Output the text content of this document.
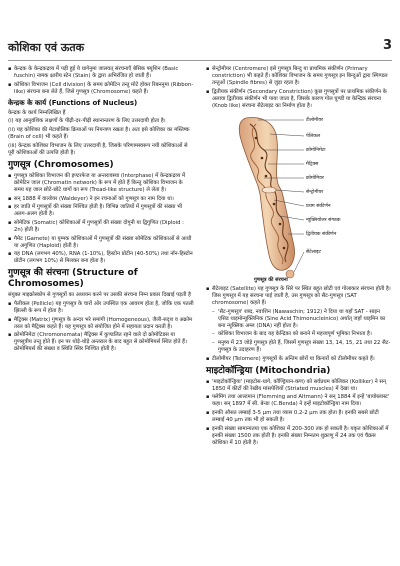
कोशिका एवं ऊतक	3
▪ केन्द्रक के केन्द्रकद्रव्य में पड़ी हुई ये धागेनुमा जालवत् संरचनाएँ बेसिक फ्यूशिन (Basic fuschin) नामक क्षारीय स्टेन (Stain) के द्वारा अभिरंजित हो जाती हैं।
▪ कोशिका विभाजन (Cell division) के समय क्रोमेटिन तन्तु मोटे होकर रिबननुमा (Ribbon-like) संरचना बना लेते हैं, जिसे गुणसूत्र (Chromosome) कहते हैं।
केन्द्रक के कार्य (Functions of Nucleus)
केन्द्रक के कार्य निम्नलिखित हैं
(i) यह आनुवंशिक लक्षणों के पीढ़ी-दर-पीढ़ी स्थानान्तरण के लिए उत्तरदायी होता है।
(ii) यह कोशिका की मेटाबोलिक क्रियाओं पर नियन्त्रण रखता है। अतः इसे कोशिका का मस्तिष्क (Brain of cell) भी कहते हैं।
(iii) केन्द्रक कोशिका विभाजन के लिए उत्तरदायी है, जिसके परिणामस्वरूप नयी कोशिकाओं से पूरी कोशिकाओं की उत्पत्ति होती है।
गुणसूत्र (Chromosomes)
▪ गुणसूत्र कोशिका विभाजन की इण्टरफेज या अन्तरावस्था (Interphase) में केन्द्रकद्रव्य में क्रोमेटिन जाल (Chromatin network) के रूप में होते हैं किन्तु कोशिका विभाजन के समय यह जाल छोटे-छोटे धागों का रूप (Tread-like structure) ले लेता है।
▪ सन् 1888 में वाल्डेयर (Waldeyer) ने इन रचनाओं को गुणसूत्र का नाम दिया था।
▪ हर जाति में गुणसूत्रों की संख्या निश्चित होती है। विभिन्न जातियों में गुणसूत्रों की संख्या भी अलग-अलग होती है।
▪ सोमेटिक (Somatic) कोशिकाओं में गुणसूत्रों की संख्या दोगुनी या द्विगुणित (Diploid : 2n) होती है।
▪ गैमेट (Gamete) या युग्मक कोशिकाओं में गुणसूत्रों की संख्या सोमेटिक कोशिकाओं से आधी या अगुणित (Haploid) होती है।
▪ यह DNA (लगभग 40%), RNA (1-10%), हिस्टोन प्रोटीन (40-50%) तथा नॉन-हिस्टोन प्रोटीन (लगभग 10%) से मिलकर बना होता है।
गुणसूत्र की संरचना (Structure of Chromosomes)
संयुक्त माइक्रोस्कोप से गुणसूत्रों का अध्ययन करने पर उसकी संरचना निम्न प्रकार दिखाई पड़ती है
▪ पैलीकल (Pellicle) यह गुणसूत्र के चारों ओर उपस्थित एक आवरण होता है, जोकि एक पतली झिल्ली के रूप में होता है।
▪ मैट्रिक्स (Matrix) गुणसूत्र के अन्दर भरे समांगी (Homogeneous), जैली-सदृश व अक्रोम तरल को मैट्रिक्स कहते हैं। यह गुणसूत्र को संयोजित होने में सहायता प्रदान करती है।
▪ क्रोमोनिमेटा (Chromonemata) मैट्रिक्स में कुण्डलित रहने वाले दो क्रोमोटिडस या गुणसूत्रीय तन्तु होते हैं। इन पर थोड़े-थोड़े अन्तराल के बाद बहुत से क्रोमोमियर्स स्थित होते हैं। क्रोमोमियर्स की संख्या व स्थिति स्थिर निश्चित होती है।
▪ सेन्ट्रोमीयर (Centromere) इसे गुणसूत्र बिन्दु या प्राथमिक संकीर्णन (Primary constriction) भी कहते हैं। कोशिका विभाजन के समय गुणसूत्र इन बिन्दुओं द्वारा स्पिण्डल तन्तुओं (Spindle fibres) से जुड़ा रहता है।
▪ द्वितीयक संकीर्णन (Secondary Constriction) कुछ गुणसूत्रों पर प्राथमिक संकीर्णन के अलावा द्वितीयक संकीर्णन भी पाया जाता है, जिसके कारण गोल घुण्डी या केन्द्रिक संरचना (Knob like) संरचना सैटेलाइट का निर्माण होता है।
टीलोमीयर
पेलिकल
क्रोमोनिमेटा
मैट्रिक्स
क्रोमोमियर
सेन्ट्रोमीयर
प्रथम संकीर्णन
न्यूक्लियोलर संगठक
द्वितीयक संकीर्णन
सैटेलाइट
गुणसूत्र की संरचना
▪ सैटेलाइट (Satellite) यह गुणसूत्र के सिरे पर स्थित बहुत छोटी एवं गोलाकार संरचना होती है। जिस गुणसूत्र में यह संरचना पाई जाती है, उस गुणसूत्र को सैट-गुणसूत्र (SAT chromosome) कहते हैं।
– 'सैट-गुणसूत्र' शब्द, नवाशिन (Nawaschin; 1912) ने दिया था यहाँ SAT - साइन एसिड थाइमोन्यूक्लिनिक (Sine Acid Thimonucleinico) अर्थात् जहाँ थाइमिन का बना न्यूक्लिक अम्ल (DNA) नहीं होता है।
– कोशिका विभाजन के बाद यह केन्द्रिका को बनाने में महत्त्वपूर्ण भूमिका निभाता है।
– मनुष्य में 23 जोड़े गुणसूत्र होते हैं, जिसमें गुणसूत्र संख्या 13, 14, 15, 21 तथा 22 सैट-गुणसूत्र के उदाहरण हैं।
▪ टीलोमीयर (Telomere) गुणसूत्रों के अन्तिम छोरों या किनारों को टीलोमीयर कहते हैं।
माइटोकॉन्ड्रिया (Mitochondria)
▪ 'माइटोकॉन्ड्रिया' (माइटोस-धागे, कॉण्ड्रियान-कण) को सर्वप्रथम कोलिकर (Kolliker) ने सन् 1850 में कीटों की रेखीय मांसपेशियों (Striated muscles) में देखा था।
▪ फ्लेमिंग तथा आल्टमान (Flemming and Altmann) ने सन् 1884 में इन्हें 'बायोब्लास्ट' कहा। सन् 1897 में सी. बेन्डा (C.Benda) ने इन्हें माइटोकॉन्ड्रिया नाम दिया।
▪ इनकी औसत लम्बाई 3-5 µm तथा व्यास 0.2-2 µm तक होता है। इनकी सबसे छोटी लम्बाई 40 µm तक भी हो सकती है।
▪ इनकी संख्या सामान्यतया एक कोशिका में 200-300 तक हो सकती है। यकृत कोशिकाओं में इनकी संख्या 1500 तक होती है। इनकी संख्या निम्नतम शुक्राणु में 24 तक एवं चैक्रस कोशिका में 10 होती है।
